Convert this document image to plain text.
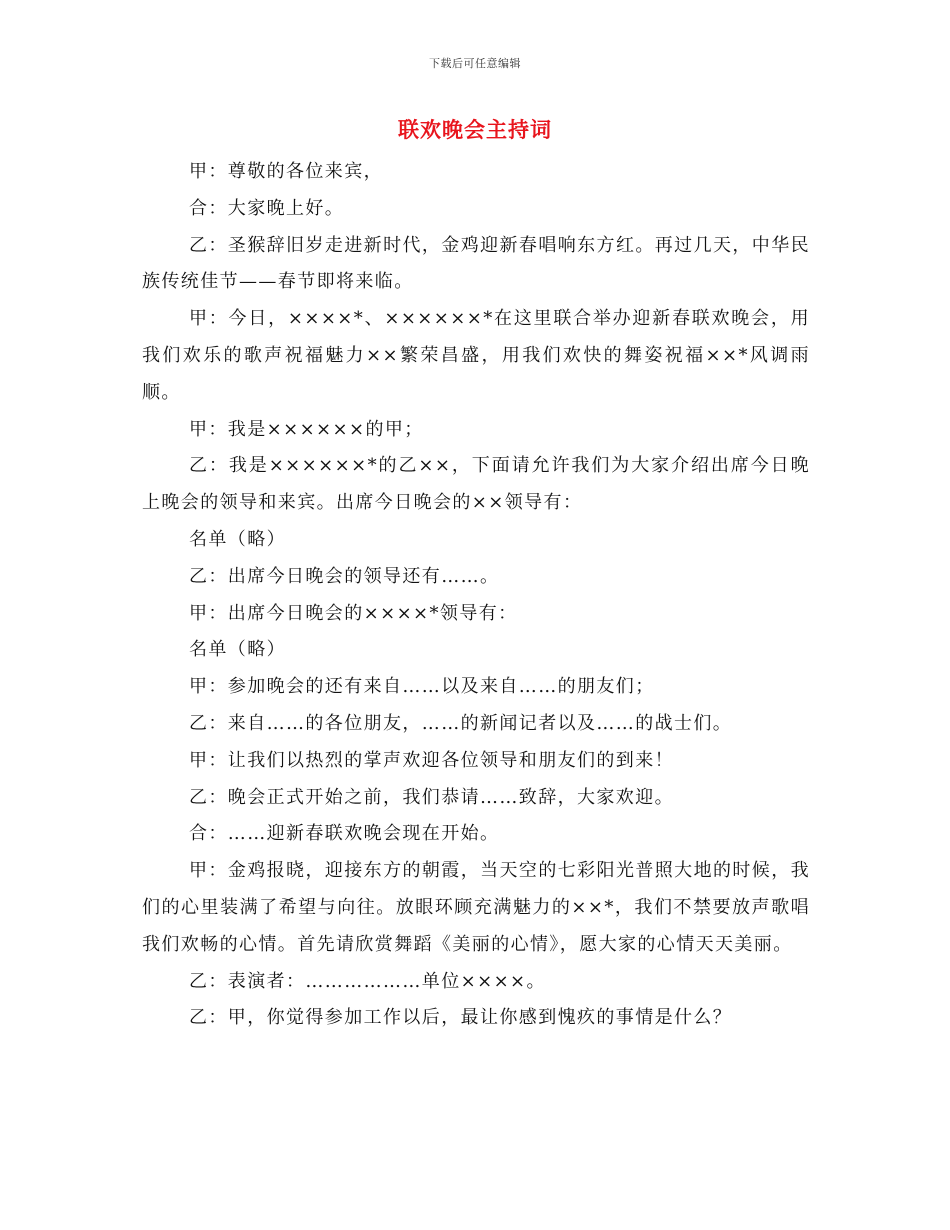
下载后可任意编辑
联欢晚会主持词

甲：尊敬的各位来宾，

合：大家晚上好。

乙：圣猴辞旧岁走进新时代，金鸡迎新春唱响东方红。再过几天，中华民族传统佳节——春节即将来临。

甲：今日，××××*、××××××*在这里联合举办迎新春联欢晚会，用我们欢乐的歌声祝福魅力××繁荣昌盛，用我们欢快的舞姿祝福××*风调雨顺。

甲：我是××××××的甲；

乙：我是××××××*的乙××，下面请允许我们为大家介绍出席今日晚上晚会的领导和来宾。出席今日晚会的××领导有：

名单（略）

乙：出席今日晚会的领导还有……。

甲：出席今日晚会的××××*领导有：

名单（略）

甲：参加晚会的还有来自……以及来自……的朋友们；

乙：来自……的各位朋友，……的新闻记者以及……的战士们。

甲：让我们以热烈的掌声欢迎各位领导和朋友们的到来！

乙：晚会正式开始之前，我们恭请……致辞，大家欢迎。

合：……迎新春联欢晚会现在开始。

甲：金鸡报晓，迎接东方的朝霞，当天空的七彩阳光普照大地的时候，我们的心里装满了希望与向往。放眼环顾充满魅力的××*，我们不禁要放声歌唱我们欢畅的心情。首先请欣赏舞蹈《美丽的心情》，愿大家的心情天天美丽。

乙：表演者：………………单位××××。

乙：甲，你觉得参加工作以后，最让你感到愧疚的事情是什么？
